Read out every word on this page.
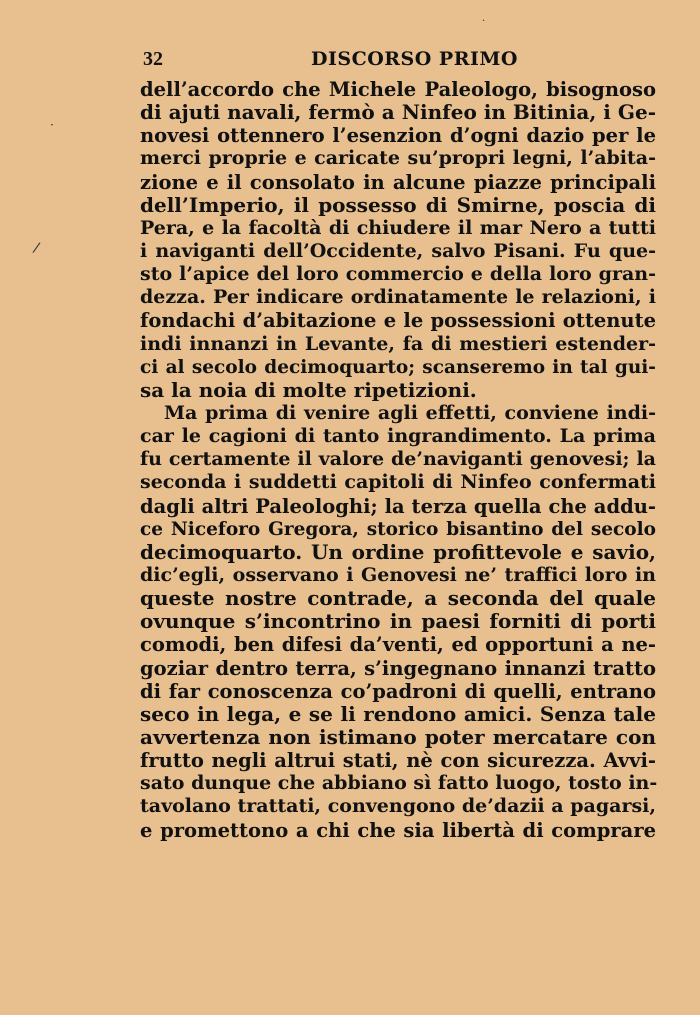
·
·
/
32	DISCORSO PRIMO
dell’accordo che Michele Paleologo, bisognoso
di ajuti navali, fermò a Ninfeo in Bitinia, i Ge-
novesi ottennero l’esenzion d’ogni dazio per le
merci proprie e caricate su’propri legni, l’abita-
zione e il consolato in alcune piazze principali
dell’Imperio, il possesso di Smirne, poscia di
Pera, e la facoltà di chiudere il mar Nero a tutti
i naviganti dell’Occidente, salvo Pisani. Fu que-
sto l’apice del loro commercio e della loro gran-
dezza. Per indicare ordinatamente le relazioni, i
fondachi d’abitazione e le possessioni ottenute
indi innanzi in Levante, fa di mestieri estender-
ci al secolo decimoquarto; scanseremo in tal gui-
sa la noia di molte ripetizioni.
Ma prima di venire agli effetti, conviene indi-
car le cagioni di tanto ingrandimento. La prima
fu certamente il valore de’naviganti genovesi; la
seconda i suddetti capitoli di Ninfeo confermati
dagli altri Paleologhi; la terza quella che addu-
ce Niceforo Gregora, storico bisantino del secolo
decimoquarto. Un ordine profittevole e savio,
dic’egli, osservano i Genovesi ne’ traffici loro in
queste nostre contrade, a seconda del quale
ovunque s’incontrino in paesi forniti di porti
comodi, ben difesi da’venti, ed opportuni a ne-
goziar dentro terra, s’ingegnano innanzi tratto
di far conoscenza co’padroni di quelli, entrano
seco in lega, e se li rendono amici. Senza tale
avvertenza non istimano poter mercatare con
frutto negli altrui stati, nè con sicurezza. Avvi-
sato dunque che abbiano sì fatto luogo, tosto in-
tavolano trattati, convengono de’dazii a pagarsi,
e promettono a chi che sia libertà di comprare
